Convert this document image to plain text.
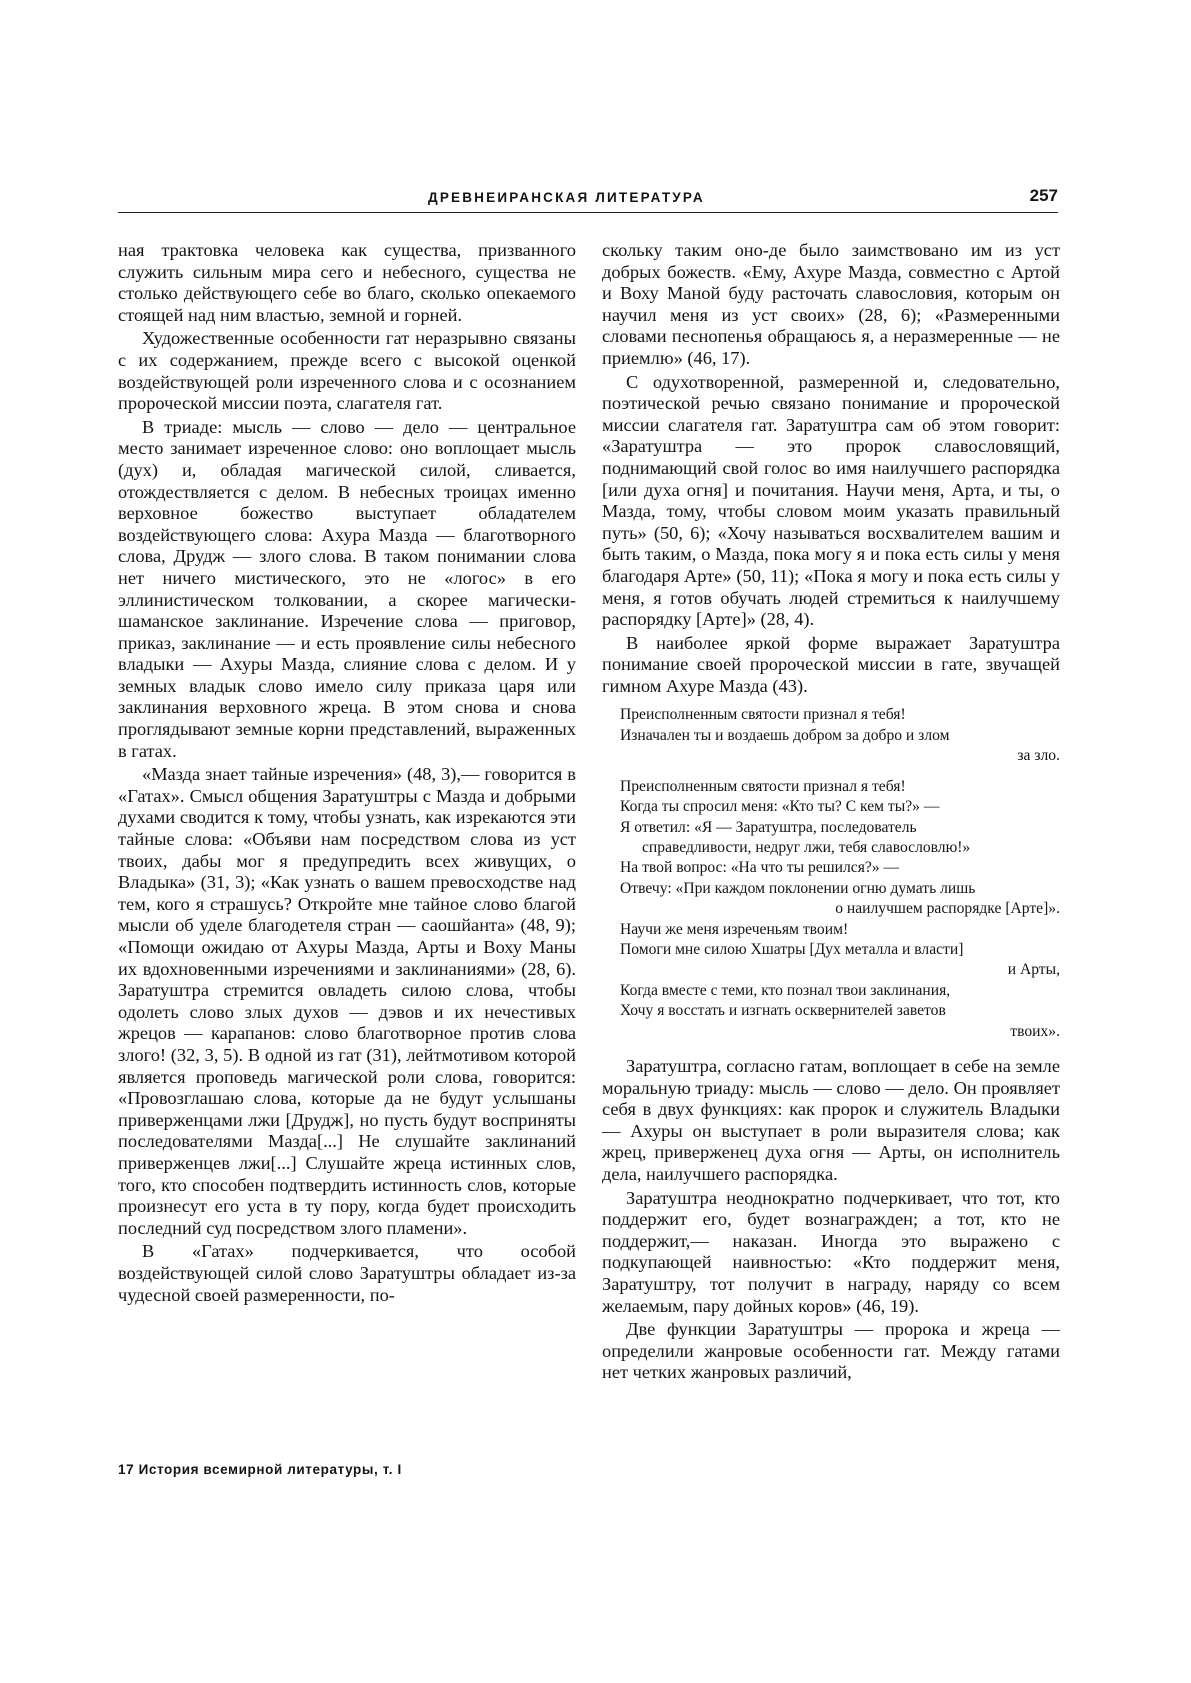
ДРЕВНЕИРАНСКАЯ ЛИТЕРАТУРА	257

ная трактовка человека как существа, призванного служить сильным мира сего и небесного, существа не столько действующего себе во благо, сколько опекаемого стоящей над ним властью, земной и горней.

Художественные особенности гат неразрывно связаны с их содержанием, прежде всего с высокой оценкой воздействующей роли изреченного слова и с осознанием пророческой миссии поэта, слагателя гат.

В триаде: мысль — слово — дело — центральное место занимает изреченное слово: оно воплощает мысль (дух) и, обладая магической силой, сливается, отождествляется с делом. В небесных троицах именно верховное божество выступает обладателем воздействующего слова: Ахура Мазда — благотворного слова, Друдж — злого слова. В таком понимании слова нет ничего мистического, это не «логос» в его эллинистическом толковании, а скорее магически-шаманское заклинание. Изречение слова — приговор, приказ, заклинание — и есть проявление силы небесного владыки — Ахуры Мазда, слияние слова с делом. И у земных владык слово имело силу приказа царя или заклинания верховного жреца. В этом снова и снова проглядывают земные корни представлений, выраженных в гатах.

«Мазда знает тайные изречения» (48, 3),— говорится в «Гатах». Смысл общения Заратуштры с Мазда и добрыми духами сводится к тому, чтобы узнать, как изрекаются эти тайные слова: «Объяви нам посредством слова из уст твоих, дабы мог я предупредить всех живущих, о Владыка» (31, 3); «Как узнать о вашем превосходстве над тем, кого я страшусь? Откройте мне тайное слово благой мысли об уделе благодетеля стран — саошйанта» (48, 9); «Помощи ожидаю от Ахуры Мазда, Арты и Воху Маны их вдохновенными изречениями и заклинаниями» (28, 6). Заратуштра стремится овладеть силою слова, чтобы одолеть слово злых духов — дэвов и их нечестивых жрецов — карапанов: слово благотворное против слова злого! (32, 3, 5). В одной из гат (31), лейтмотивом которой является проповедь магической роли слова, говорится: «Провозглашаю слова, которые да не будут услышаны приверженцами лжи [Друдж], но пусть будут восприняты последователями Мазда[...] Не слушайте заклинаний приверженцев лжи[...] Слушайте жреца истинных слов, того, кто способен подтвердить истинность слов, которые произнесут его уста в ту пору, когда будет происходить последний суд посредством злого пламени».

В «Гатах» подчеркивается, что особой воздействующей силой слово Заратуштры обладает из-за чудесной своей размеренности, по-

скольку таким оно-де было заимствовано им из уст добрых божеств. «Ему, Ахуре Мазда, совместно с Артой и Воху Маной буду расточать славословия, которым он научил меня из уст своих» (28, 6); «Размеренными словами песнопенья обращаюсь я, а неразмеренные — не приемлю» (46, 17).

С одухотворенной, размеренной и, следовательно, поэтической речью связано понимание и пророческой миссии слагателя гат. Заратуштра сам об этом говорит: «Заратуштра — это пророк славословящий, поднимающий свой голос во имя наилучшего распорядка [или духа огня] и почитания. Научи меня, Арта, и ты, о Мазда, тому, чтобы словом моим указать правильный путь» (50, 6); «Хочу называться восхвалителем вашим и быть таким, о Мазда, пока могу я и пока есть силы у меня благодаря Арте» (50, 11); «Пока я могу и пока есть силы у меня, я готов обучать людей стремиться к наилучшему распорядку [Арте]» (28, 4).

В наиболее яркой форме выражает Заратуштра понимание своей пророческой миссии в гате, звучащей гимном Ахуре Мазда (43).

Преисполненным святости признал я тебя!
Изначален ты и воздаешь добром за добро и злом
за зло.
Преисполненным святости признал я тебя!
Когда ты спросил меня: «Кто ты? С кем ты?» —
Я ответил: «Я — Заратуштра, последователь
справедливости, недруг лжи, тебя славословлю!»
На твой вопрос: «На что ты решился?» —
Отвечу: «При каждом поклонении огню думать лишь
о наилучшем распорядке [Арте]».
Научи же меня изреченьям твоим!
Помоги мне силою Хшатры [Дух металла и власти]
и Арты,
Когда вместе с теми, кто познал твои заклинания,
Хочу я восстать и изгнать осквернителей заветов
твоих».

Заратуштра, согласно гатам, воплощает в себе на земле моральную триаду: мысль — слово — дело. Он проявляет себя в двух функциях: как пророк и служитель Владыки — Ахуры он выступает в роли выразителя слова; как жрец, приверженец духа огня — Арты, он исполнитель дела, наилучшего распорядка.

Заратуштра неоднократно подчеркивает, что тот, кто поддержит его, будет вознагражден; а тот, кто не поддержит,— наказан. Иногда это выражено с подкупающей наивностью: «Кто поддержит меня, Заратуштру, тот получит в награду, наряду со всем желаемым, пару дойных коров» (46, 19).

Две функции Заратуштры — пророка и жреца — определили жанровые особенности гат. Между гатами нет четких жанровых различий,

17 История всемирной литературы, т. I
